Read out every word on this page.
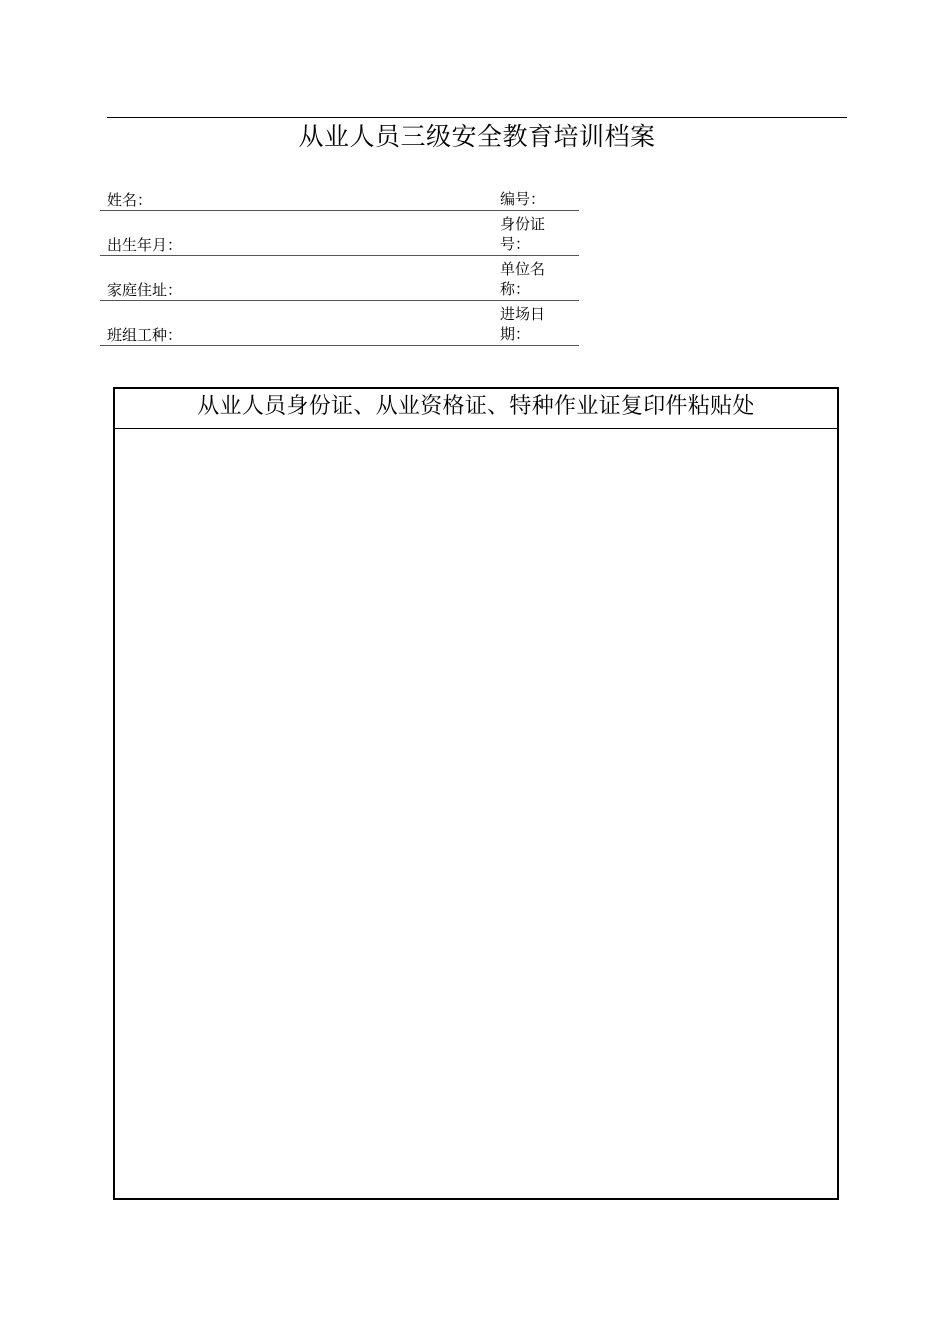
从业人员三级安全教育培训档案
姓名：	编号：
出生年月：
身份证号：
家庭住址：
单位名称：
班组工种：
进场日期：
从业人员身份证、从业资格证、特种作业证复印件粘贴处
